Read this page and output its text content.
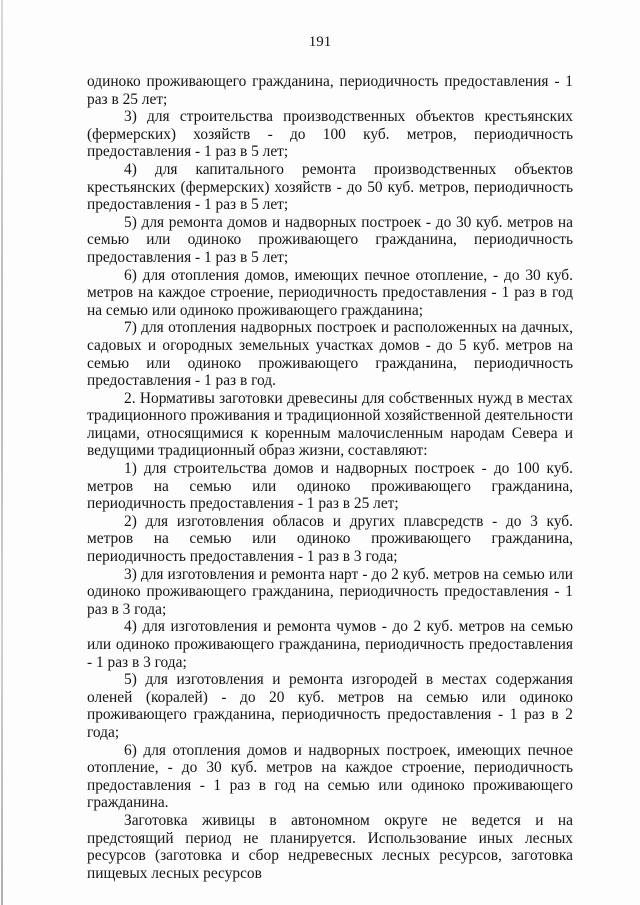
191

одиноко проживающего гражданина, периодичность предоставления - 1 раз в 25 лет;

3) для строительства производственных объектов крестьянских (фермерских) хозяйств - до 100 куб. метров, периодичность предоставления - 1 раз в 5 лет;

4) для капитального ремонта производственных объектов крестьянских (фермерских) хозяйств - до 50 куб. метров, периодичность предоставления - 1 раз в 5 лет;

5) для ремонта домов и надворных построек - до 30 куб. метров на семью или одиноко проживающего гражданина, периодичность предоставления - 1 раз в 5 лет;

6) для отопления домов, имеющих печное отопление, - до 30 куб. метров на каждое строение, периодичность предоставления - 1 раз в год на семью или одиноко проживающего гражданина;

7) для отопления надворных построек и расположенных на дачных, садовых и огородных земельных участках домов - до 5 куб. метров на семью или одиноко проживающего гражданина, периодичность предоставления - 1 раз в год.

2. Нормативы заготовки древесины для собственных нужд в местах традиционного проживания и традиционной хозяйственной деятельности лицами, относящимися к коренным малочисленным народам Севера и ведущими традиционный образ жизни, составляют:

1) для строительства домов и надворных построек - до 100 куб. метров на семью или одиноко проживающего гражданина, периодичность предоставления - 1 раз в 25 лет;

2) для изготовления обласов и других плавсредств - до 3 куб. метров на семью или одиноко проживающего гражданина, периодичность предоставления - 1 раз в 3 года;

3) для изготовления и ремонта нарт - до 2 куб. метров на семью или одиноко проживающего гражданина, периодичность предоставления - 1 раз в 3 года;

4) для изготовления и ремонта чумов - до 2 куб. метров на семью или одиноко проживающего гражданина, периодичность предоставления - 1 раз в 3 года;

5) для изготовления и ремонта изгородей в местах содержания оленей (коралей) - до 20 куб. метров на семью или одиноко проживающего гражданина, периодичность предоставления - 1 раз в 2 года;

6) для отопления домов и надворных построек, имеющих печное отопление, - до 30 куб. метров на каждое строение, периодичность предоставления - 1 раз в год на семью или одиноко проживающего гражданина.

Заготовка живицы в автономном округе не ведется и на предстоящий период не планируется. Использование иных лесных ресурсов (заготовка и сбор недревесных лесных ресурсов, заготовка пищевых лесных ресурсов
